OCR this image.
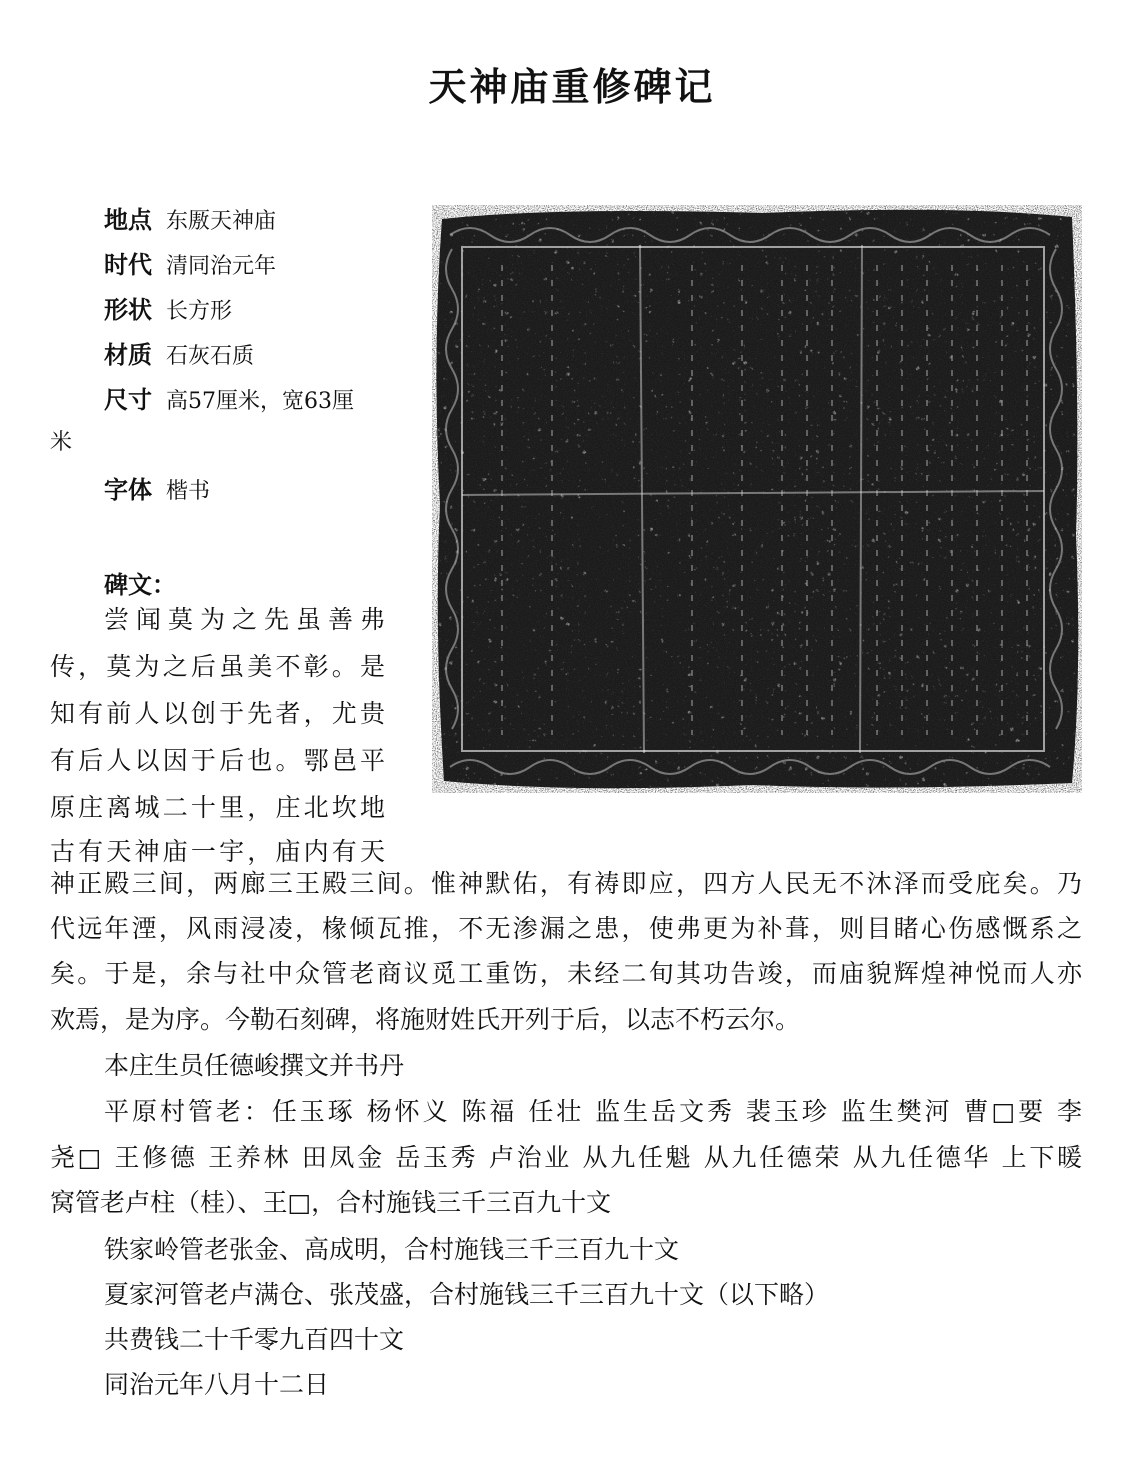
天神庙重修碑记
地点 东厫天神庙
时代 清同治元年
形状 长方形
材质 石灰石质
尺寸 高57厘米，宽63厘
米
字体 楷书
碑文：
尝闻莫为之先虽善弗
传，莫为之后虽美不彰。是
知有前人以创于先者，尤贵
有后人以因于后也。鄂邑平
原庄离城二十里，庄北坎地
古有天神庙一宇，庙内有天
神正殿三间，两廊三王殿三间。惟神默佑，有祷即应，四方人民无不沐泽而受庇矣。乃
代远年湮，风雨浸凌，椽倾瓦推，不无渗漏之患，使弗更为补葺，则目睹心伤感慨系之
矣。于是，余与社中众管老商议觅工重饬，未经二旬其功告竣，而庙貌辉煌神悦而人亦
欢焉，是为序。今勒石刻碑，将施财姓氏开列于后，以志不朽云尔。
本庄生员任德峻撰文并书丹
平原村管老：任玉琢 杨怀义 陈福 任壮 监生岳文秀 裴玉珍 监生樊河 曹□要 李
尧□ 王修德 王养林 田凤金 岳玉秀 卢治业 从九任魁 从九任德荣 从九任德华 上下暖
窝管老卢柱（桂）、王□，合村施钱三千三百九十文
铁家岭管老张金、高成明，合村施钱三千三百九十文
夏家河管老卢满仓、张茂盛，合村施钱三千三百九十文（以下略）
共费钱二十千零九百四十文
同治元年八月十二日
